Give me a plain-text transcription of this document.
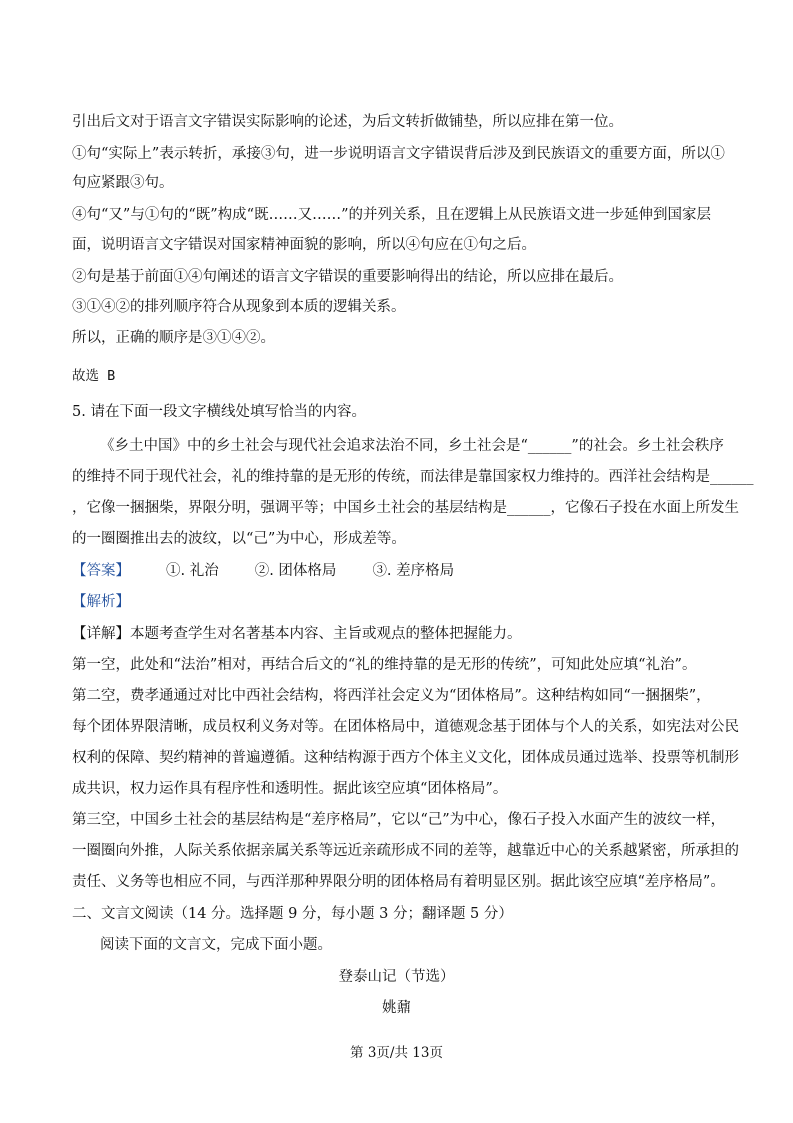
引出后文对于语言文字错误实际影响的论述，为后文转折做铺垫，所以应排在第一位。
①句“实际上”表示转折，承接③句，进一步说明语言文字错误背后涉及到民族语文的重要方面，所以①
句应紧跟③句。
④句“又”与①句的“既”构成“既……又……”的并列关系，且在逻辑上从民族语文进一步延伸到国家层
面，说明语言文字错误对国家精神面貌的影响，所以④句应在①句之后。
②句是基于前面①④句阐述的语言文字错误的重要影响得出的结论，所以应排在最后。
③①④②的排列顺序符合从现象到本质的逻辑关系。
所以，正确的顺序是③①④②。
故选 B
5. 请在下面一段文字横线处填写恰当的内容。
《乡土中国》中的乡土社会与现代社会追求法治不同，乡土社会是“______”的社会。乡土社会秩序
的维持不同于现代社会，礼的维持靠的是无形的传统，而法律是靠国家权力维持的。西洋社会结构是______
，它像一捆捆柴，界限分明，强调平等；中国乡土社会的基层结构是______，它像石子投在水面上所发生
的一圈圈推出去的波纹，以“己”为中心，形成差等。
【答案】 ①. 礼治 ②. 团体格局 ③. 差序格局
【解析】
【详解】本题考查学生对名著基本内容、主旨或观点的整体把握能力。
第一空，此处和“法治”相对，再结合后文的“礼的维持靠的是无形的传统”，可知此处应填“礼治”。
第二空，费孝通通过对比中西社会结构，将西洋社会定义为“团体格局”。这种结构如同“一捆捆柴”，
每个团体界限清晰，成员权利义务对等。在团体格局中，道德观念基于团体与个人的关系，如宪法对公民
权利的保障、契约精神的普遍遵循。这种结构源于西方个体主义文化，团体成员通过选举、投票等机制形
成共识，权力运作具有程序性和透明性。据此该空应填“团体格局”。
第三空，中国乡土社会的基层结构是“差序格局”，它以“己”为中心，像石子投入水面产生的波纹一样，
一圈圈向外推，人际关系依据亲属关系等远近亲疏形成不同的差等，越靠近中心的关系越紧密，所承担的
责任、义务等也相应不同，与西洋那种界限分明的团体格局有着明显区别。据此该空应填“差序格局”。
二、文言文阅读（14 分。选择题 9 分，每小题 3 分；翻译题 5 分）
阅读下面的文言文，完成下面小题。
登泰山记（节选）
姚鼐
第 3页/共 13页
